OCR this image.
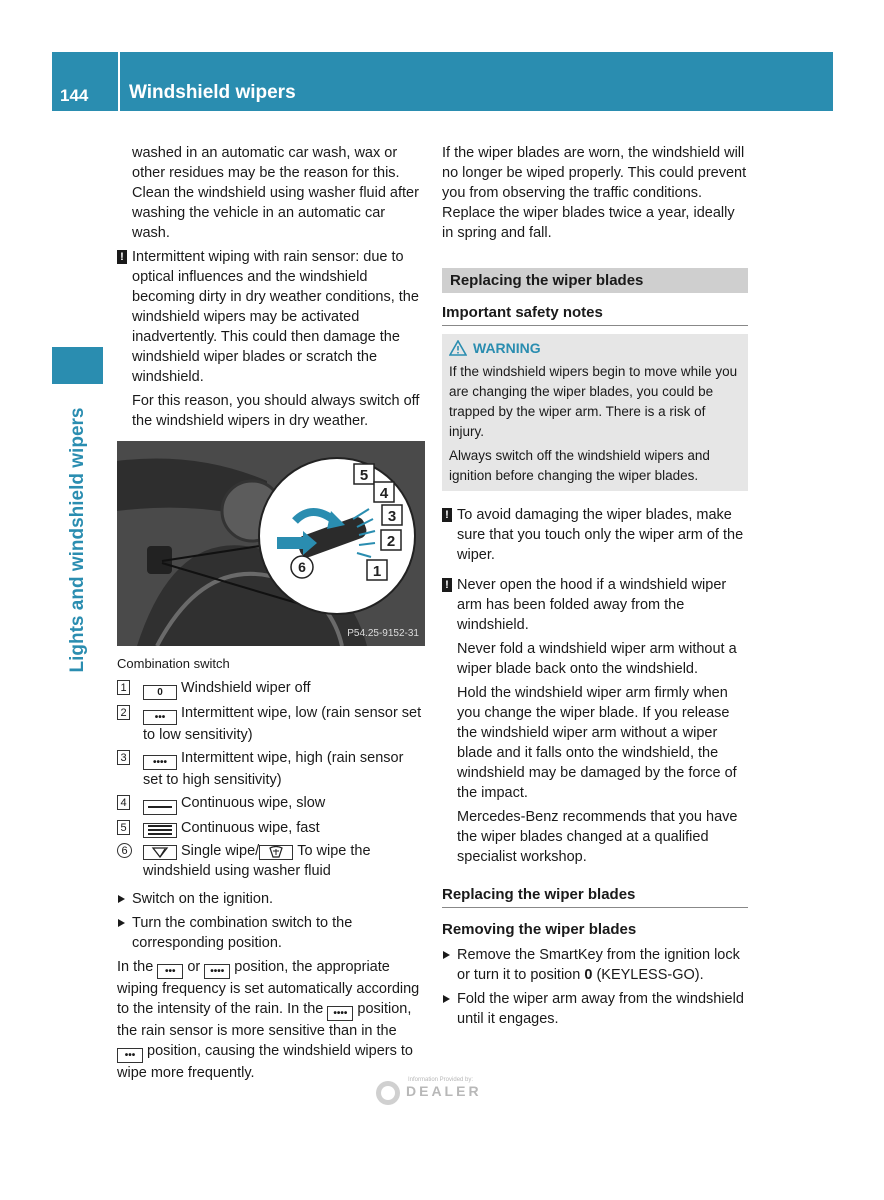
144 Windshield wipers
Lights and windshield wipers

washed in an automatic car wash, wax or other residues may be the reason for this. Clean the windshield using washer fluid after washing the vehicle in an automatic car wash.

! Intermittent wiping with rain sensor: due to optical influences and the windshield becoming dirty in dry weather conditions, the windshield wipers may be activated inadvertently. This could then damage the windshield wiper blades or scratch the windshield.

For this reason, you should always switch off the windshield wipers in dry weather.

5
4
3
2
1
6
P54.25-9152-31
Combination switch
1	0 Windshield wiper off
2	••• Intermittent wipe, low (rain sensor set to low sensitivity)
3	•••• Intermittent wipe, high (rain sensor set to high sensitivity)
4	Continuous wipe, slow
5	Continuous wipe, fast
6	Single wipe/	To wipe the windshield using washer fluid
Switch on the ignition.
Turn the combination switch to the corresponding position.

In the ••• or •••• position, the appropriate wiping frequency is set automatically according to the intensity of the rain. In the •••• position, the rain sensor is more sensitive than in the ••• position, causing the windshield wipers to wipe more frequently.

If the wiper blades are worn, the windshield will no longer be wiped properly. This could prevent you from observing the traffic conditions. Replace the wiper blades twice a year, ideally in spring and fall.

Replacing the wiper blades
Important safety notes
WARNING

If the windshield wipers begin to move while you are changing the wiper blades, you could be trapped by the wiper arm. There is a risk of injury.

Always switch off the windshield wipers and ignition before changing the wiper blades.

! To avoid damaging the wiper blades, make sure that you touch only the wiper arm of the wiper.
! Never open the hood if a windshield wiper arm has been folded away from the windshield.

Never fold a windshield wiper arm without a wiper blade back onto the windshield.

Hold the windshield wiper arm firmly when you change the wiper blade. If you release the windshield wiper arm without a wiper blade and it falls onto the windshield, the windshield may be damaged by the force of the impact.

Mercedes-Benz recommends that you have the wiper blades changed at a qualified specialist workshop.

Replacing the wiper blades
Removing the wiper blades
Remove the SmartKey from the ignition lock or turn it to position 0 (KEYLESS-GO).
Fold the wiper arm away from the windshield until it engages.
Information Provided by:
DEALER
